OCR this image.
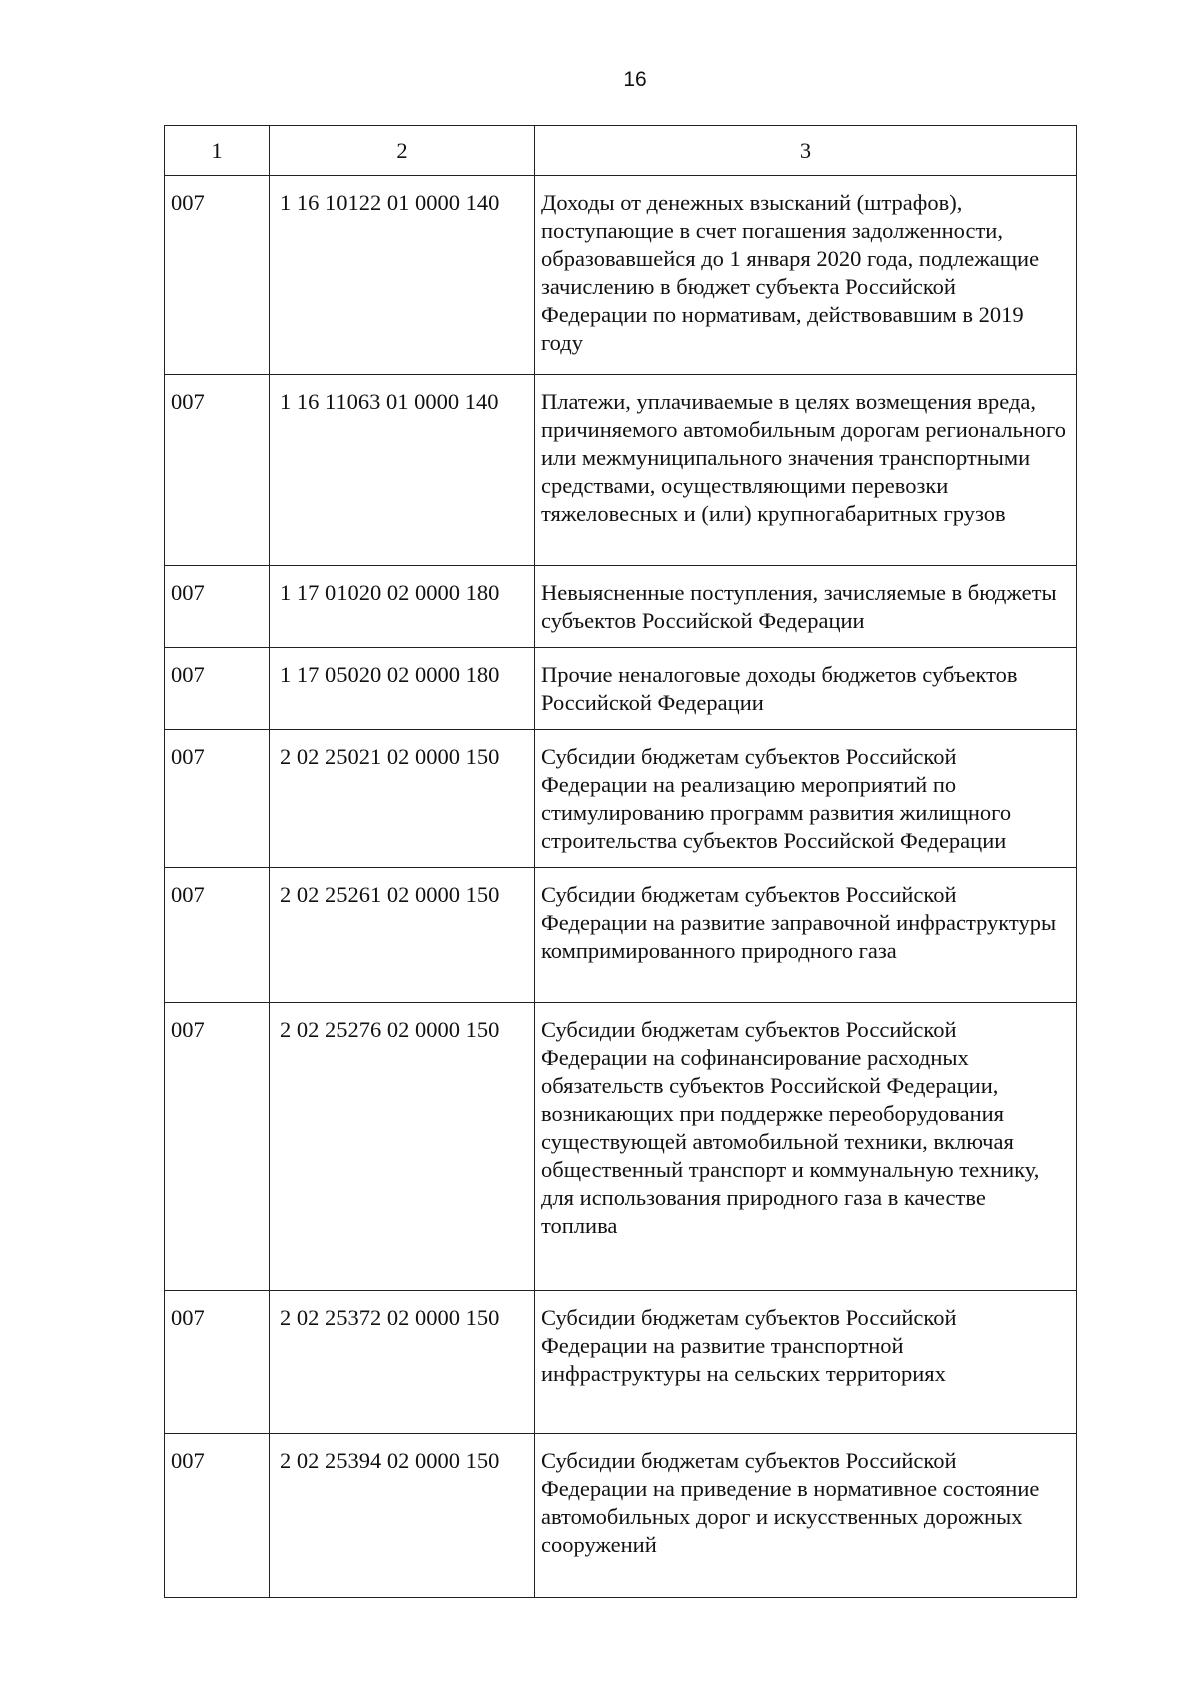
16
1	2	3
007	1 16 10122 01 0000 140	Доходы от денежных взысканий (штрафов), поступающие в счет погашения задолженности, образовавшейся до 1 января 2020 года, подлежащие зачислению в бюджет субъекта Российской Федерации по нормативам, действовавшим в 2019 году
007	1 16 11063 01 0000 140	Платежи, уплачиваемые в целях возмещения вреда, причиняемого автомобильным дорогам регионального или межмуниципального значения транспортными средствами, осуществляющими перевозки тяжеловесных и (или) крупногабаритных грузов
007	1 17 01020 02 0000 180	Невыясненные поступления, зачисляемые в бюджеты субъектов Российской Федерации
007	1 17 05020 02 0000 180	Прочие неналоговые доходы бюджетов субъектов Российской Федерации
007	2 02 25021 02 0000 150	Субсидии бюджетам субъектов Российской Федерации на реализацию мероприятий по стимулированию программ развития жилищного строительства субъектов Российской Федерации
007	2 02 25261 02 0000 150	Субсидии бюджетам субъектов Российской Федерации на развитие заправочной инфраструктуры компримированного природного газа
007	2 02 25276 02 0000 150	Субсидии бюджетам субъектов Российской Федерации на софинансирование расходных обязательств субъектов Российской Федерации, возникающих при поддержке переоборудования существующей автомобильной техники, включая общественный транспорт и коммунальную технику, для использования природного газа в качестве топлива
007	2 02 25372 02 0000 150	Субсидии бюджетам субъектов Российской Федерации на развитие транспортной инфраструктуры на сельских территориях
007	2 02 25394 02 0000 150	Субсидии бюджетам субъектов Российской Федерации на приведение в нормативное состояние автомобильных дорог и искусственных дорожных сооружений
